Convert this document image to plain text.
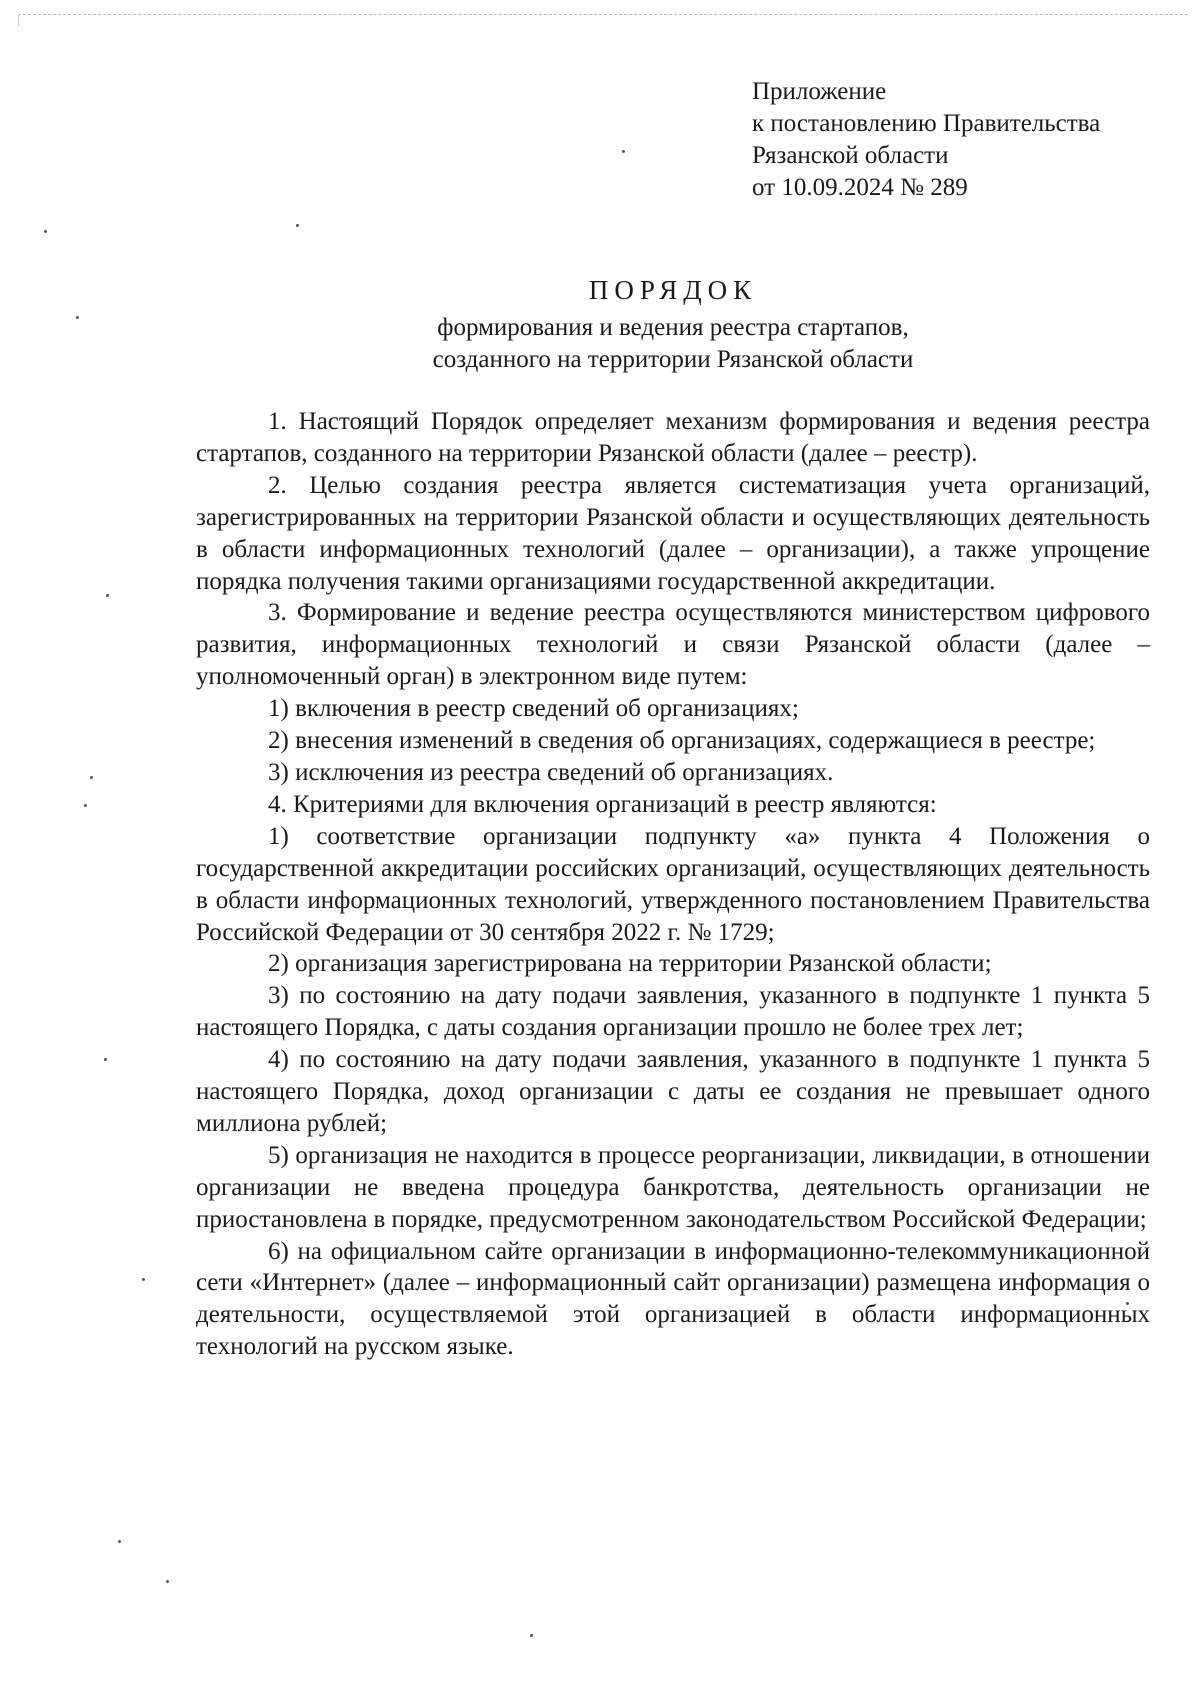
Приложение
к постановлению Правительства
Рязанской области
от 10.09.2024 № 289
ПОРЯДОК
формирования и ведения реестра стартапов,
созданного на территории Рязанской области

1. Настоящий Порядок определяет механизм формирования и ведения реестра стартапов, созданного на территории Рязанской области (далее – реестр).

2. Целью создания реестра является систематизация учета организаций, зарегистрированных на территории Рязанской области и осуществляющих деятельность в области информационных технологий (далее – организации), а также упрощение порядка получения такими организациями государственной аккредитации.

3. Формирование и ведение реестра осуществляются министерством цифрового развития, информационных технологий и связи Рязанской области (далее – уполномоченный орган) в электронном виде путем:

1) включения в реестр сведений об организациях;

2) внесения изменений в сведения об организациях, содержащиеся в реестре;

3) исключения из реестра сведений об организациях.

4. Критериями для включения организаций в реестр являются:

1) соответствие организации подпункту «а» пункта 4 Положения о государственной аккредитации российских организаций, осуществляющих деятельность в области информационных технологий, утвержденного постановлением Правительства Российской Федерации от 30 сентября 2022 г. № 1729;

2) организация зарегистрирована на территории Рязанской области;

3) по состоянию на дату подачи заявления, указанного в подпункте 1 пункта 5 настоящего Порядка, с даты создания организации прошло не более трех лет;

4) по состоянию на дату подачи заявления, указанного в подпункте 1 пункта 5 настоящего Порядка, доход организации с даты ее создания не превышает одного миллиона рублей;

5) организация не находится в процессе реорганизации, ликвидации, в отношении организации не введена процедура банкротства, деятельность организации не приостановлена в порядке, предусмотренном законодательством Российской Федерации;

6) на официальном сайте организации в информационно-телекоммуникационной сети «Интернет» (далее – информационный сайт организации) размещена информация о деятельности, осуществляемой этой организацией в области информационных технологий на русском языке.
